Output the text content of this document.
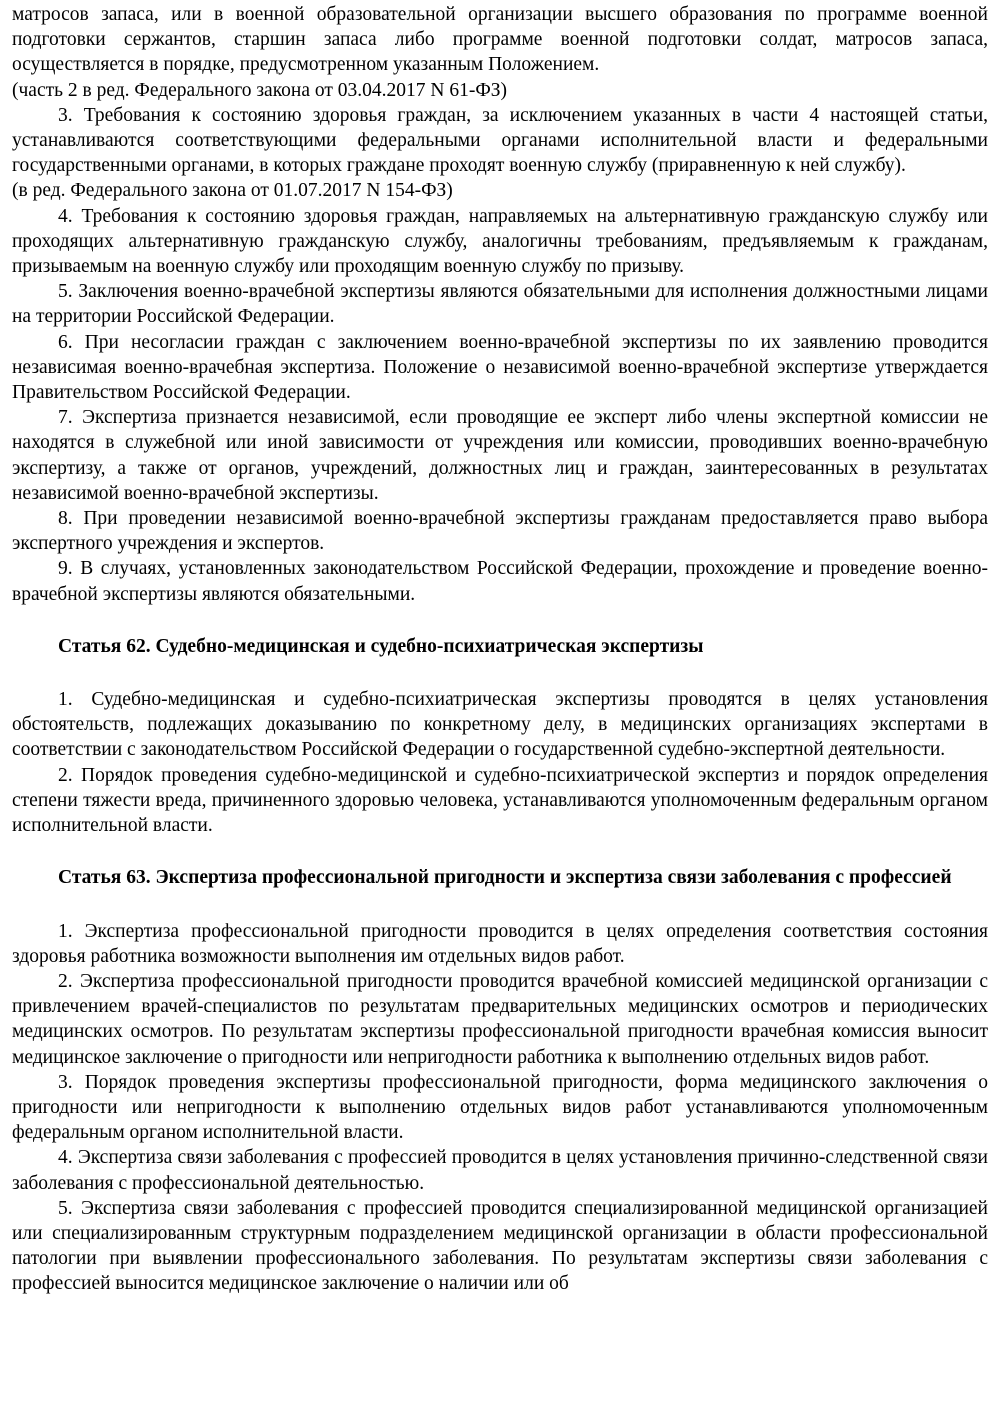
матросов запаса, или в военной образовательной организации высшего образования по программе военной подготовки сержантов, старшин запаса либо программе военной подготовки солдат, матросов запаса, осуществляется в порядке, предусмотренном указанным Положением.

(часть 2 в ред. Федерального закона от 03.04.2017 N 61-ФЗ)

3. Требования к состоянию здоровья граждан, за исключением указанных в части 4 настоящей статьи, устанавливаются соответствующими федеральными органами исполнительной власти и федеральными государственными органами, в которых граждане проходят военную службу (приравненную к ней службу).

(в ред. Федерального закона от 01.07.2017 N 154-ФЗ)

4. Требования к состоянию здоровья граждан, направляемых на альтернативную гражданскую службу или проходящих альтернативную гражданскую службу, аналогичны требованиям, предъявляемым к гражданам, призываемым на военную службу или проходящим военную службу по призыву.

5. Заключения военно-врачебной экспертизы являются обязательными для исполнения должностными лицами на территории Российской Федерации.

6. При несогласии граждан с заключением военно-врачебной экспертизы по их заявлению проводится независимая военно-врачебная экспертиза. Положение о независимой военно-врачебной экспертизе утверждается Правительством Российской Федерации.

7. Экспертиза признается независимой, если проводящие ее эксперт либо члены экспертной комиссии не находятся в служебной или иной зависимости от учреждения или комиссии, проводивших военно-врачебную экспертизу, а также от органов, учреждений, должностных лиц и граждан, заинтересованных в результатах независимой военно-врачебной экспертизы.

8. При проведении независимой военно-врачебной экспертизы гражданам предоставляется право выбора экспертного учреждения и экспертов.

9. В случаях, установленных законодательством Российской Федерации, прохождение и проведение военно-врачебной экспертизы являются обязательными.

Статья 62. Судебно-медицинская и судебно-психиатрическая экспертизы

1. Судебно-медицинская и судебно-психиатрическая экспертизы проводятся в целях установления обстоятельств, подлежащих доказыванию по конкретному делу, в медицинских организациях экспертами в соответствии с законодательством Российской Федерации о государственной судебно-экспертной деятельности.

2. Порядок проведения судебно-медицинской и судебно-психиатрической экспертиз и порядок определения степени тяжести вреда, причиненного здоровью человека, устанавливаются уполномоченным федеральным органом исполнительной власти.

Статья 63. Экспертиза профессиональной пригодности и экспертиза связи заболевания с профессией

1. Экспертиза профессиональной пригодности проводится в целях определения соответствия состояния здоровья работника возможности выполнения им отдельных видов работ.

2. Экспертиза профессиональной пригодности проводится врачебной комиссией медицинской организации с привлечением врачей-специалистов по результатам предварительных медицинских осмотров и периодических медицинских осмотров. По результатам экспертизы профессиональной пригодности врачебная комиссия выносит медицинское заключение о пригодности или непригодности работника к выполнению отдельных видов работ.

3. Порядок проведения экспертизы профессиональной пригодности, форма медицинского заключения о пригодности или непригодности к выполнению отдельных видов работ устанавливаются уполномоченным федеральным органом исполнительной власти.

4. Экспертиза связи заболевания с профессией проводится в целях установления причинно-следственной связи заболевания с профессиональной деятельностью.

5. Экспертиза связи заболевания с профессией проводится специализированной медицинской организацией или специализированным структурным подразделением медицинской организации в области профессиональной патологии при выявлении профессионального заболевания. По результатам экспертизы связи заболевания с профессией выносится медицинское заключение о наличии или об
